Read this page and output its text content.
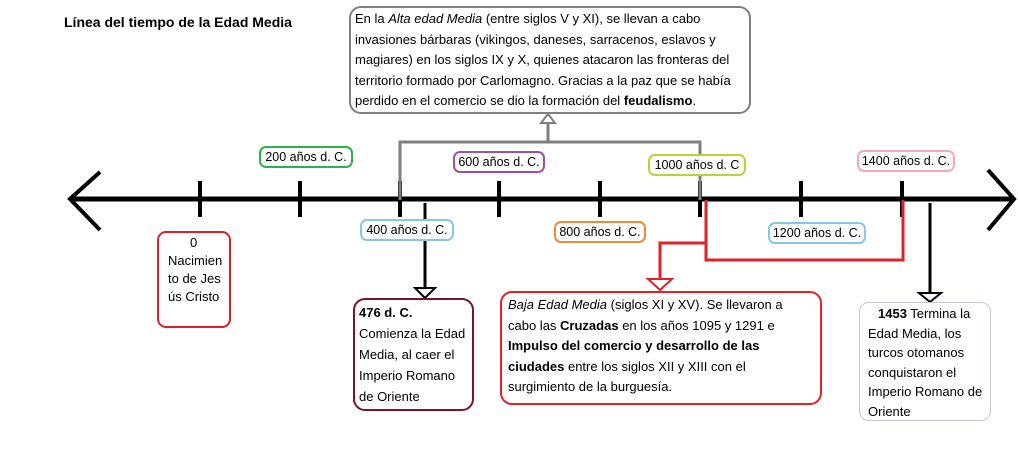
Línea del tiempo de la Edad Media
200 años d. C.
400 años d. C.
600 años d. C.
800 años d. C.
1000 años d. C
1200 años d. C.
1400 años d. C.
En la Alta edad Media (entre siglos V y XI), se llevan a cabo invasiones bárbaras (vikingos, daneses, sarracenos, eslavos y magiares) en los siglos IX y X, quienes atacaron las fronteras del territorio formado por Carlomagno. Gracias a la paz que se había perdido en el comercio se dio la formación del feudalismo.
0
Nacimiento de Jesús Cristo
476 d. C.
Comienza la Edad Media, al caer el Imperio Romano de Oriente
Baja Edad Media (siglos XI y XV). Se llevaron a cabo las Cruzadas en los años 1095 y 1291 e Impulso del comercio y desarrollo de las ciudades entre los siglos XII y XIII con el surgimiento de la burguesía.
1453 Termina la Edad Media, los turcos otomanos conquistaron el Imperio Romano de Oriente
